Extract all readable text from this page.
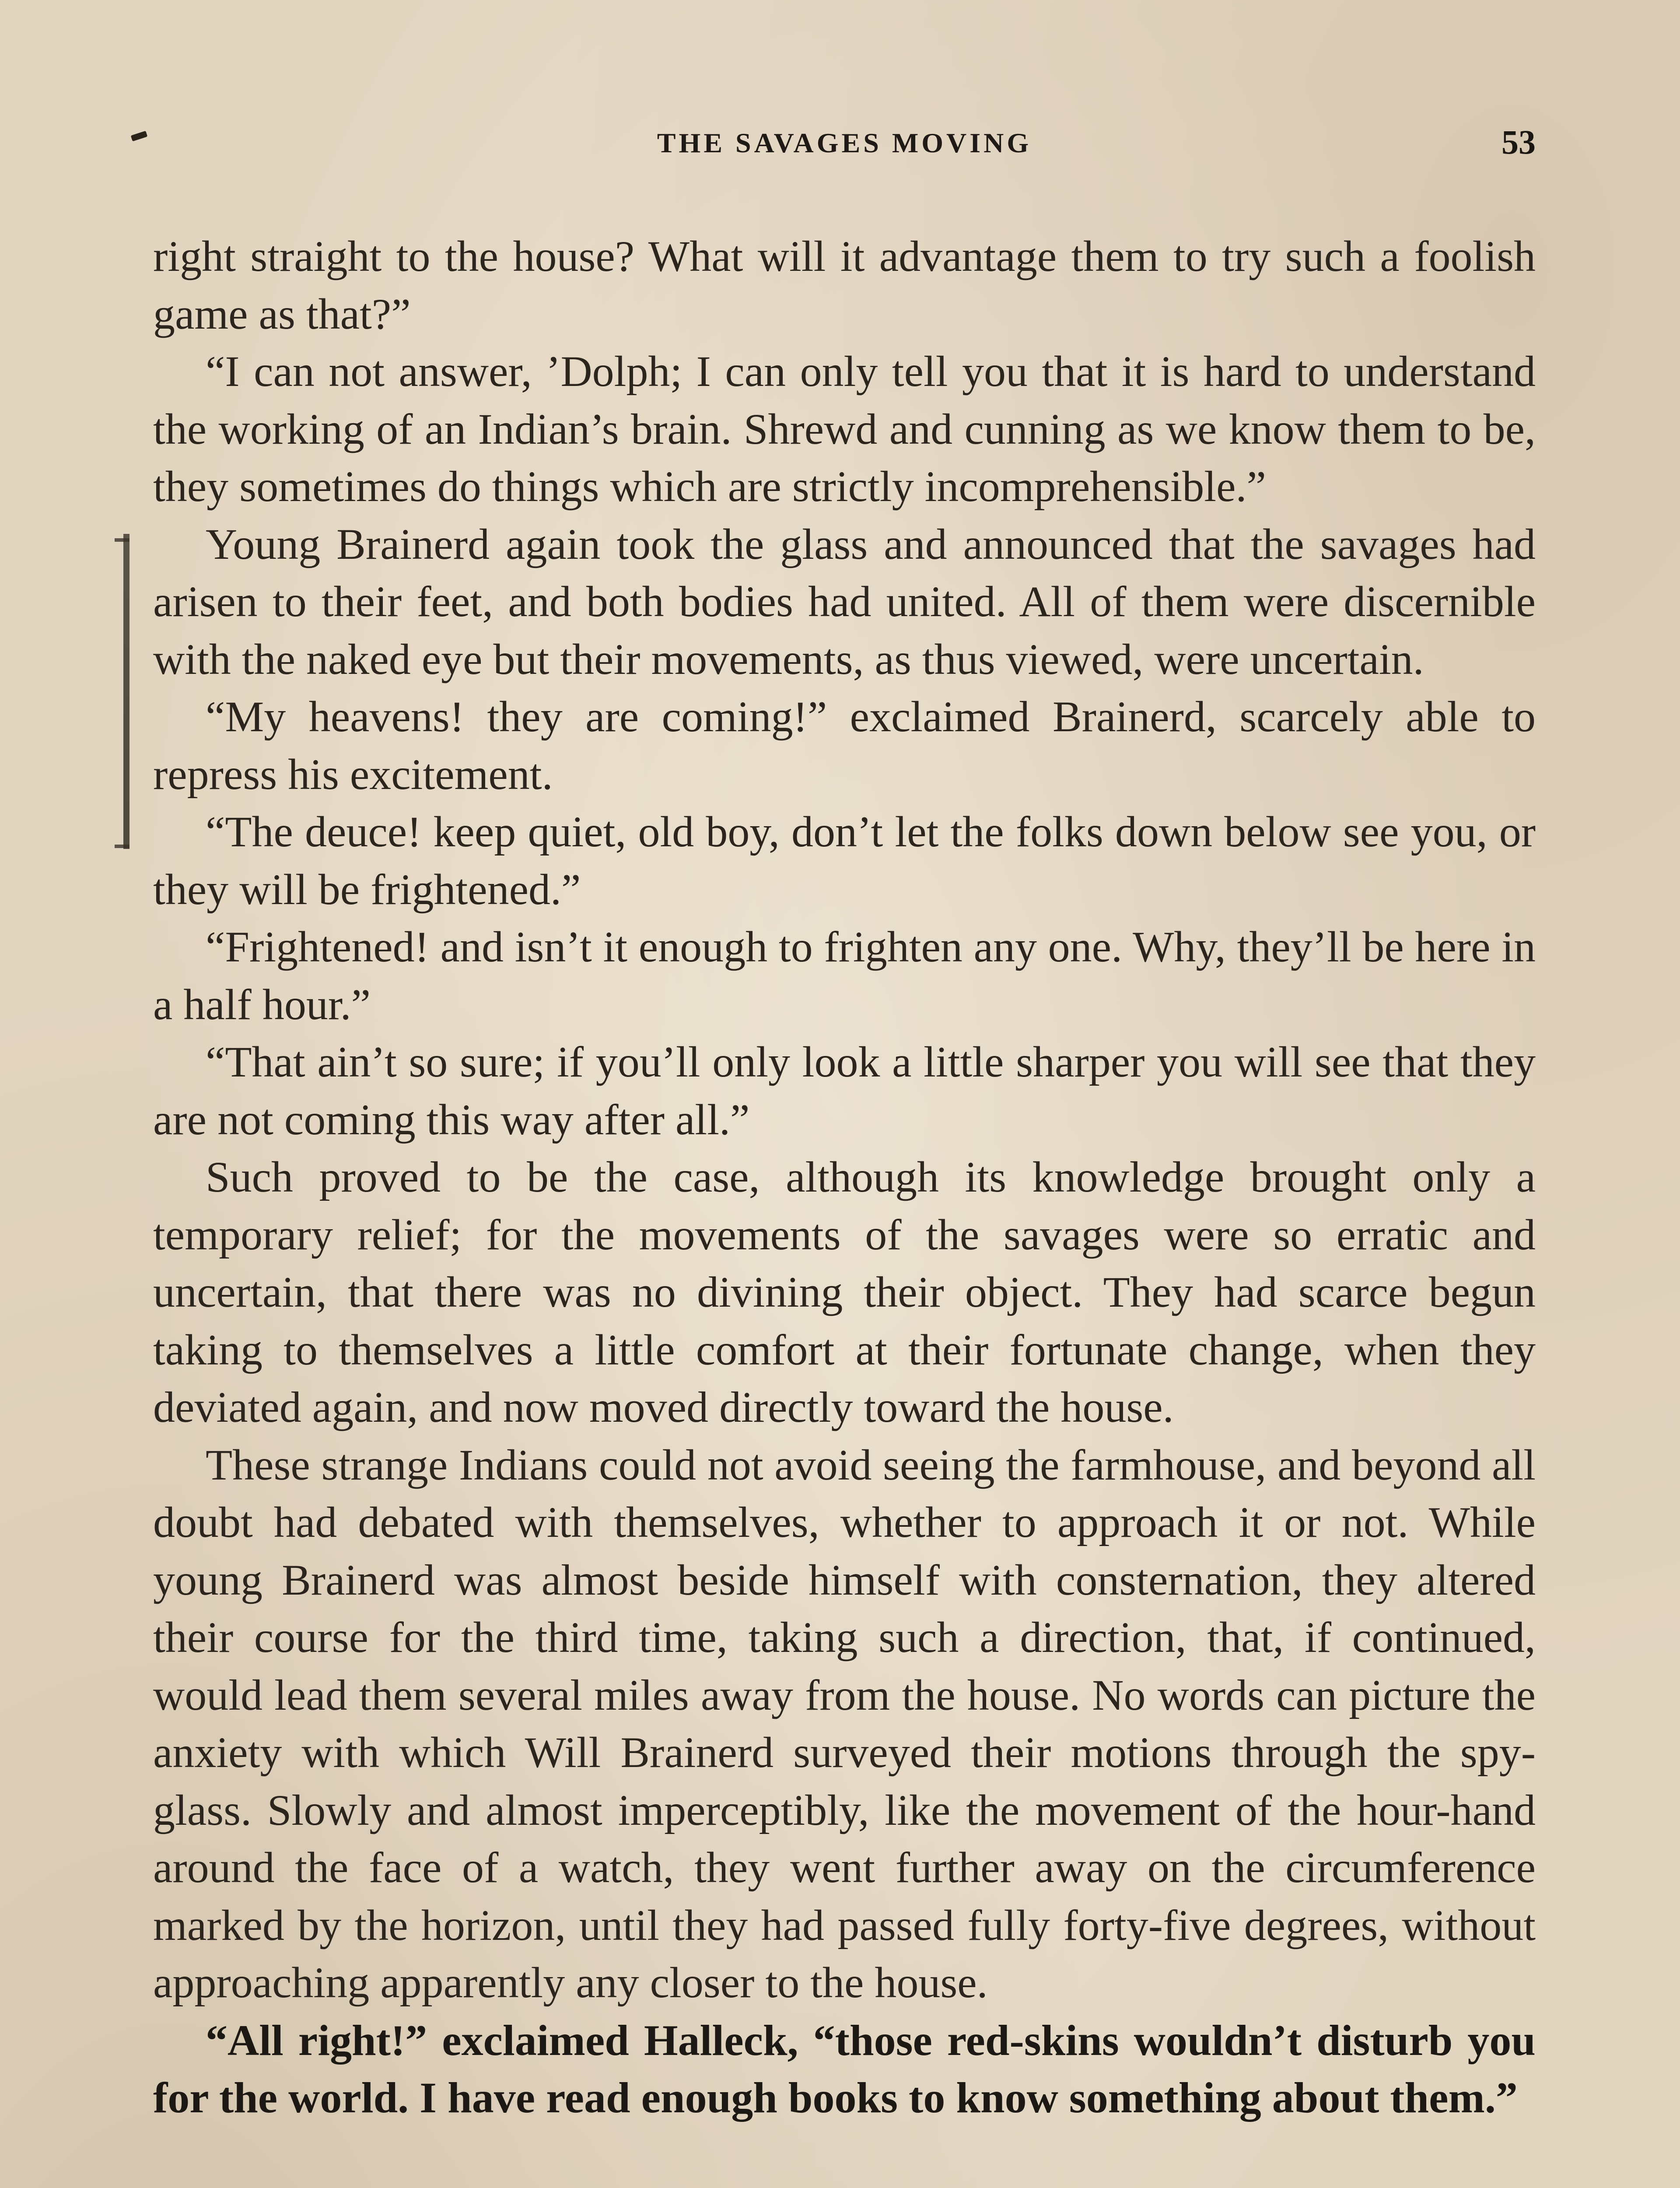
THE SAVAGES MOVING	53

right straight to the house? What will it advantage them to try such a foolish game as that?”

“I can not answer, ’Dolph; I can only tell you that it is hard to understand the working of an Indian’s brain. Shrewd and cunning as we know them to be, they sometimes do things which are strictly incomprehensible.”

Young Brainerd again took the glass and announced that the savages had arisen to their feet, and both bodies had united. All of them were discernible with the naked eye but their movements, as thus viewed, were uncertain.

“My heavens! they are coming!” exclaimed Brainerd, scarcely able to repress his excitement.

“The deuce! keep quiet, old boy, don’t let the folks down below see you, or they will be frightened.”

“Frightened! and isn’t it enough to frighten any one. Why, they’ll be here in a half hour.”

“That ain’t so sure; if you’ll only look a little sharper you will see that they are not coming this way after all.”

Such proved to be the case, although its knowledge brought only a temporary relief; for the movements of the savages were so erratic and uncertain, that there was no divining their object. They had scarce begun taking to themselves a little comfort at their fortunate change, when they deviated again, and now moved directly toward the house.

These strange Indians could not avoid seeing the farmhouse, and beyond all doubt had debated with themselves, whether to approach it or not. While young Brainerd was almost beside himself with consternation, they altered their course for the third time, taking such a direction, that, if continued, would lead them several miles away from the house. No words can picture the anxiety with which Will Brainerd surveyed their motions through the spy-glass. Slowly and almost imperceptibly, like the movement of the hour-hand around the face of a watch, they went further away on the circumference marked by the horizon, until they had passed fully forty-five degrees, without approaching apparently any closer to the house.

“All right!” exclaimed Halleck, “those red-skins wouldn’t disturb you for the world. I have read enough books to know something about them.”
